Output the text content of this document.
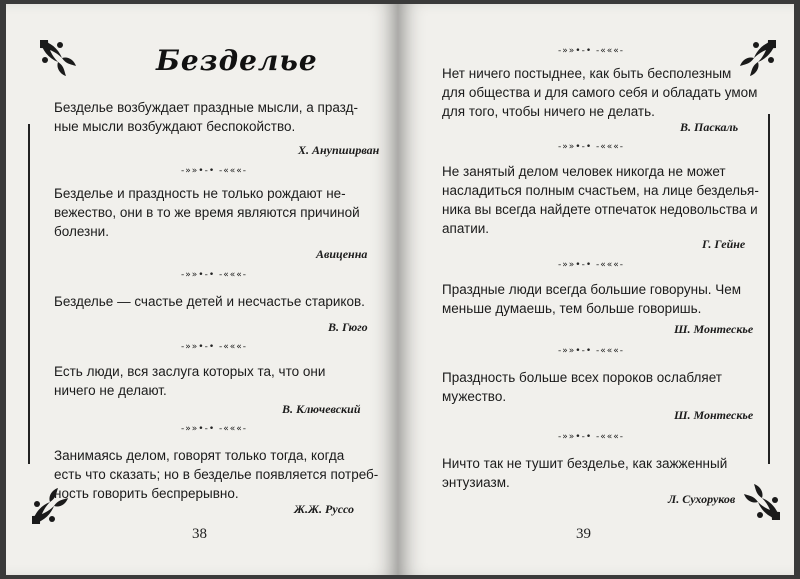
Безделье
Безделье возбуждает праздные мысли, а празд-
ные мысли возбуждают беспокойство.
Х. Анупширван
-»»•-• -«««-
Безделье и праздность не только рождают не-
вежество, они в то же время являются причиной
болезни.
Авиценна
-»»•-• -«««-
Безделье — счастье детей и несчастье стариков.
В. Гюго
-»»•-• -«««-
Есть люди, вся заслуга которых та, что они
ничего не делают.
В. Ключевский
-»»•-• -«««-
Занимаясь делом, говорят только тогда, когда
есть что сказать; но в безделье появляется потреб-
ность говорить беспрерывно.
Ж.Ж. Руссо
38
-»»•-• -«««-
Нет ничего постыднее, как быть бесполезным
для общества и для самого себя и обладать умом
для того, чтобы ничего не делать.
В. Паскаль
-»»•-• -«««-
Не занятый делом человек никогда не может
насладиться полным счастьем, на лице безделья-
ника вы всегда найдете отпечаток недовольства и
апатии.
Г. Гейне
-»»•-• -«««-
Праздные люди всегда большие говоруны. Чем
меньше думаешь, тем больше говоришь.
Ш. Монтескье
-»»•-• -«««-
Праздность больше всех пороков ослабляет
мужество.
Ш. Монтескье
-»»•-• -«««-
Ничто так не тушит безделье, как зажженный
энтузиазм.
Л. Сухоруков
39
